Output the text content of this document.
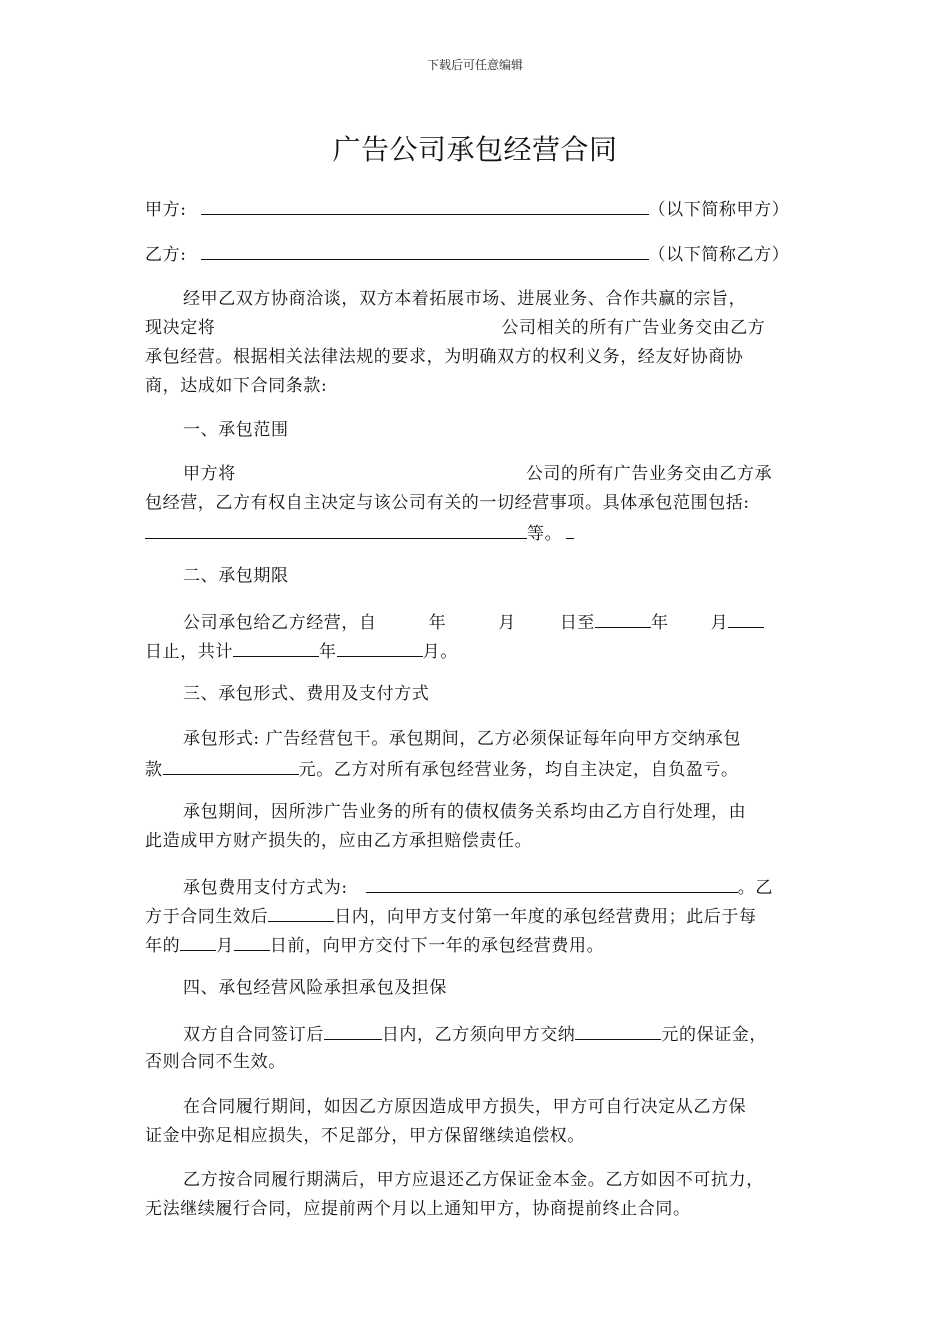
下载后可任意编辑
广告公司承包经营合同
甲方:	（以下简称甲方）
乙方:	（以下简称乙方）
经甲乙双方协商洽谈，双方本着拓展市场、进展业务、合作共赢的宗旨，
现决定将	公司相关的所有广告业务交由乙方
承包经营。根据相关法律法规的要求，为明确双方的权利义务，经友好协商协
商，达成如下合同条款:
一、承包范围
甲方将	公司的所有广告业务交由乙方承
包经营，乙方有权自主决定与该公司有关的一切经营事项。具体承包范围包括:
等。
二、承包期限
公司承包给乙方经营，自	年	月	日至	年 月
日止，共计	年	月。
三、承包形式、费用及支付方式
承包形式: 广告经营包干。承包期间，乙方必须保证每年向甲方交纳承包
款	元。乙方对所有承包经营业务，均自主决定，自负盈亏。
承包期间，因所涉广告业务的所有的债权债务关系均由乙方自行处理，由
此造成甲方财产损失的，应由乙方承担赔偿责任。
承包费用支付方式为:	。乙
方于合同生效后	日内，向甲方支付第一年度的承包经营费用；此后于每
年的 月 日前，向甲方交付下一年的承包经营费用。
四、承包经营风险承担承包及担保
双方自合同签订后	日内，乙方须向甲方交纳	元的保证金，
否则合同不生效。
在合同履行期间，如因乙方原因造成甲方损失，甲方可自行决定从乙方保
证金中弥足相应损失，不足部分，甲方保留继续追偿权。
乙方按合同履行期满后，甲方应退还乙方保证金本金。乙方如因不可抗力，
无法继续履行合同，应提前两个月以上通知甲方，协商提前终止合同。
